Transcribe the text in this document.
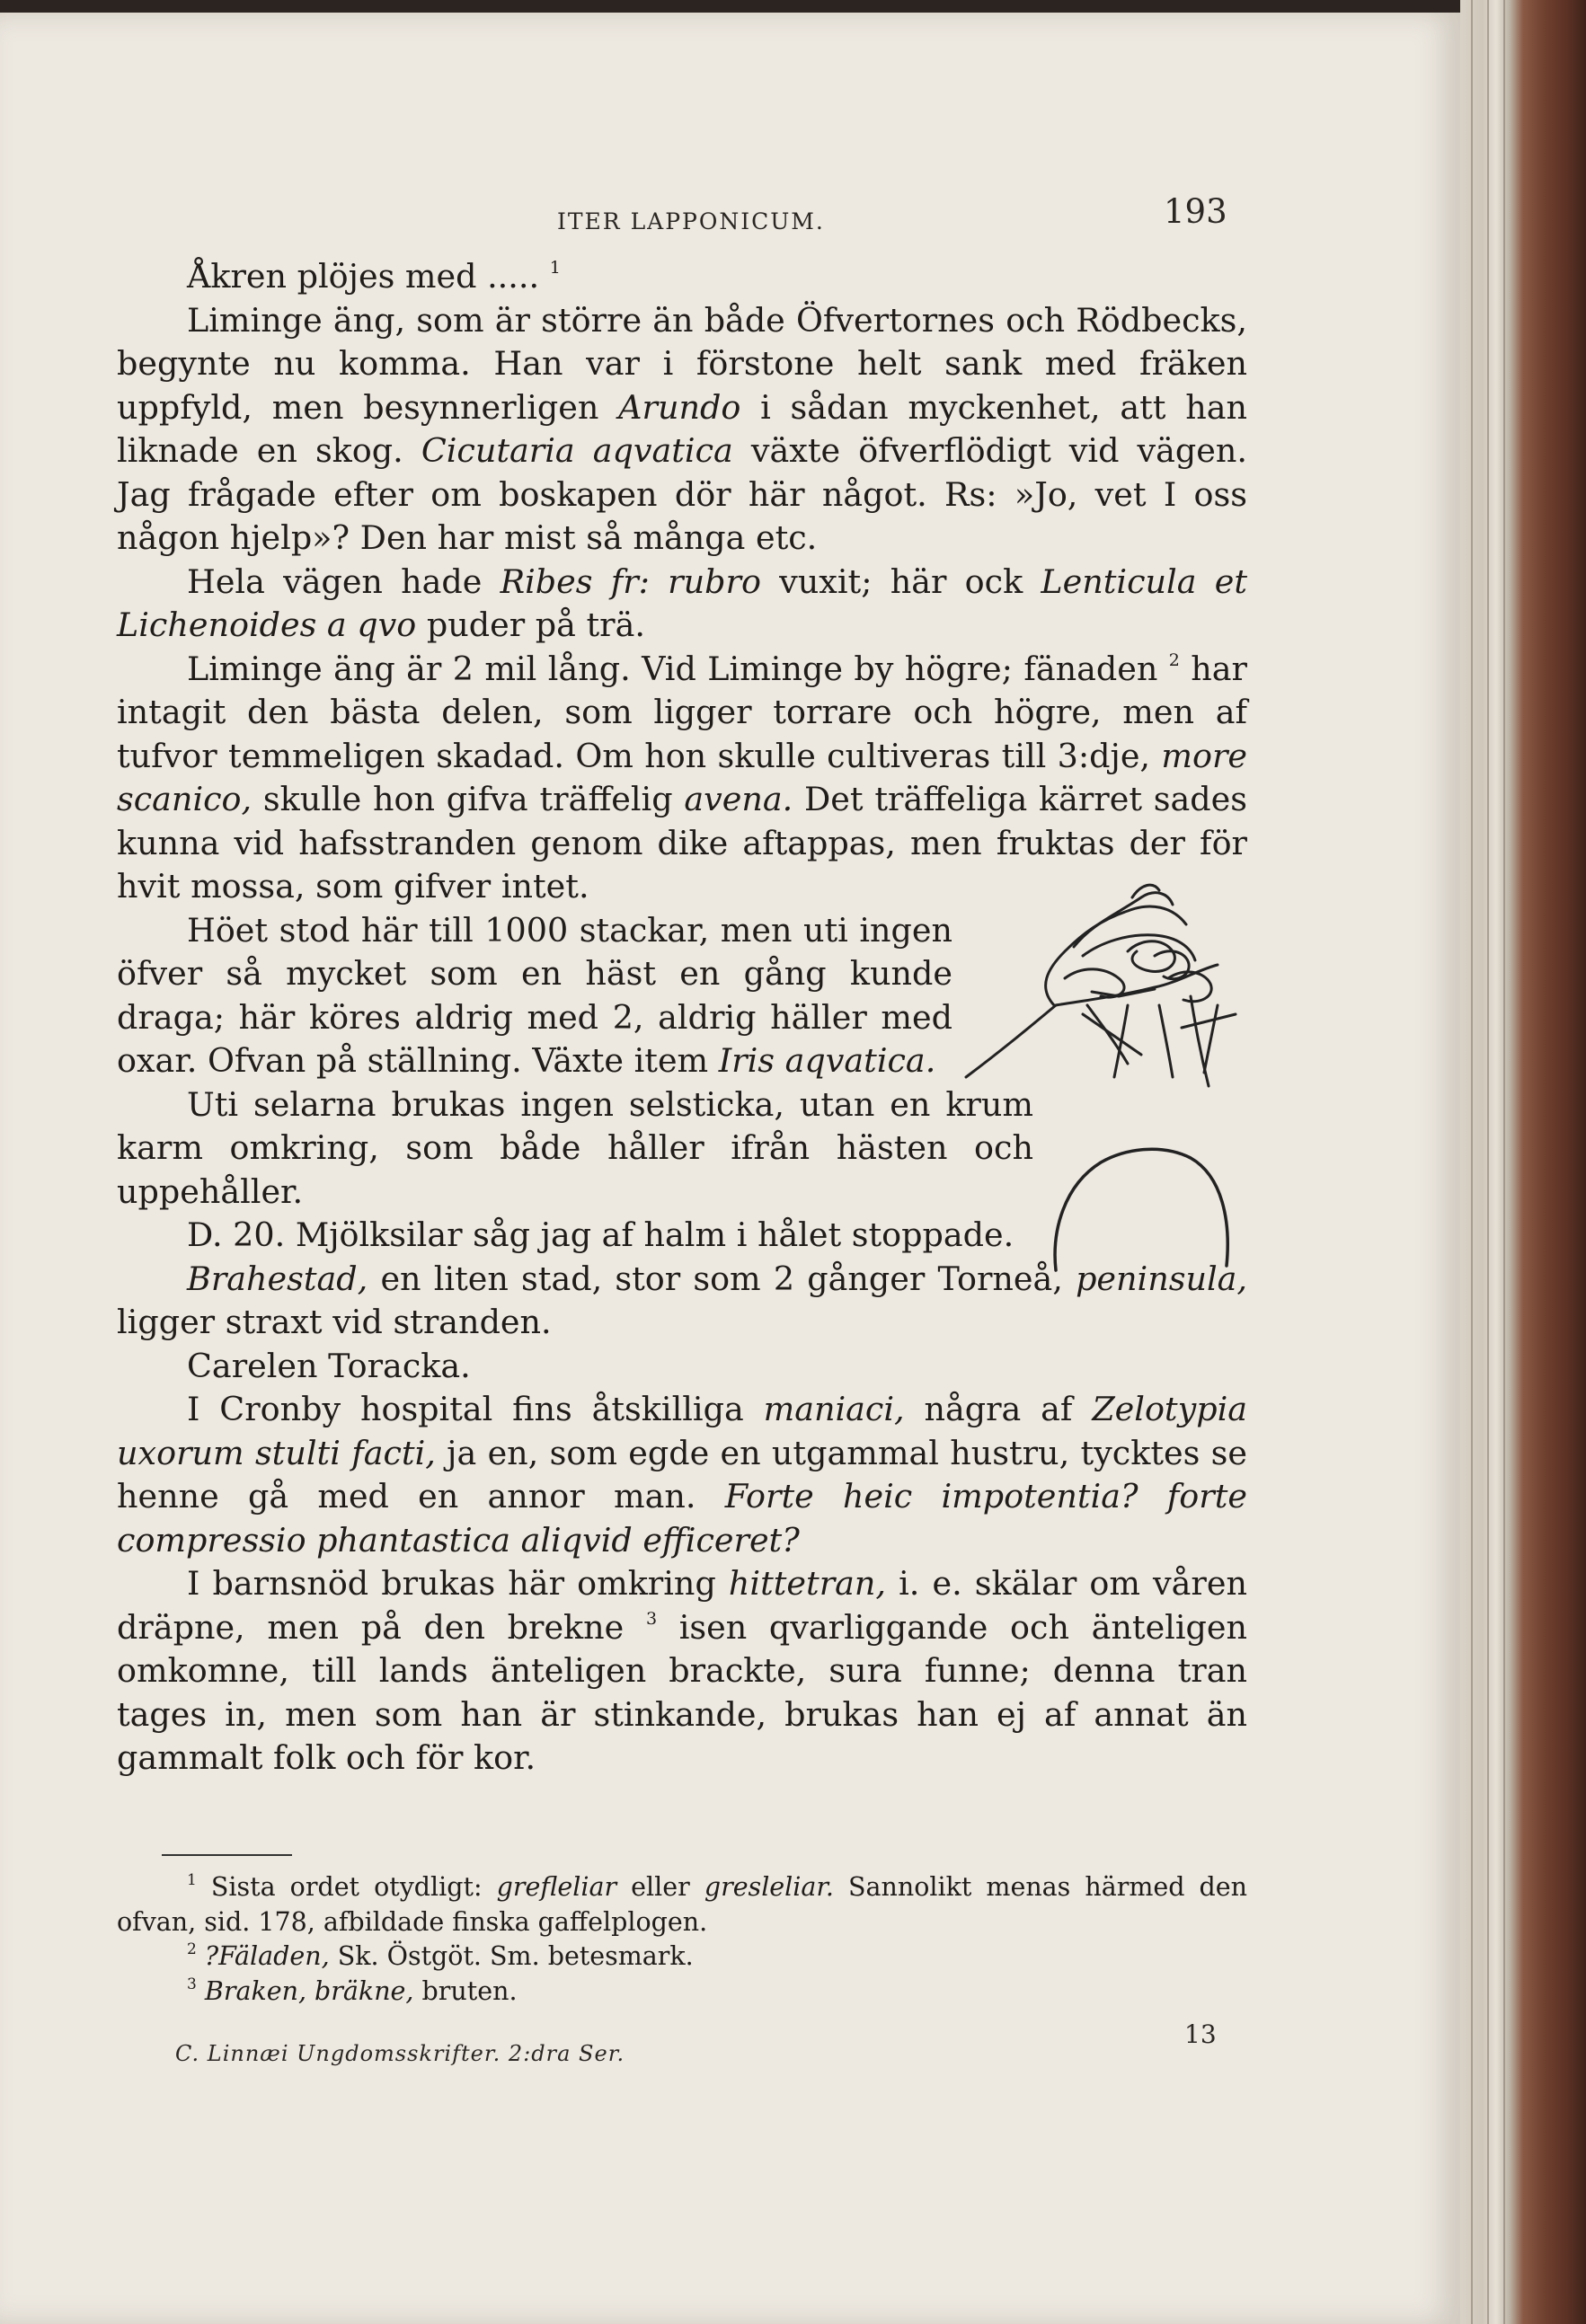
ITER LAPPONICUM.	193

Åkren plöjes med ..... $^1$

Liminge äng, som är större än både Öfvertornes och Rödbecks, begynte nu komma. Han var i förstone helt sank med fräken uppfyld, men besynnerligen Arundo i sådan myckenhet, att han liknade en skog. Cicutaria aqvatica växte öfverflödigt vid vägen. Jag frågade efter om boskapen dör här något. Rs: »Jo, vet I oss någon hjelp»? Den har mist så många etc.

Hela vägen hade Ribes fr: rubro vuxit; här ock Lenticula et Lichenoides a qvo puder på trä.

Liminge äng är 2 mil lång. Vid Liminge by högre; fänaden $^2$ har intagit den bästa delen, som ligger torrare och högre, men af tufvor temmeligen skadad. Om hon skulle cultiveras till 3:dje, more scanico, skulle hon gifva träffelig avena. Det träffeliga kärret sades kunna vid hafsstranden genom dike aftappas, men fruktas der för hvit mossa, som gifver intet.

Höet stod här till 1000 stackar, men uti ingen öfver så mycket som en häst en gång kunde draga; här köres aldrig med 2, aldrig häller med oxar. Ofvan på ställning. Växte item Iris aqvatica.

Uti selarna brukas ingen selsticka, utan en krum karm omkring, som både håller ifrån hästen och uppehåller.

D. 20. Mjölksilar såg jag af halm i hålet stoppade.

Brahestad, en liten stad, stor som 2 gånger Torneå, peninsula, ligger straxt vid stranden.

Carelen Toracka.

I Cronby hospital fins åtskilliga maniaci, några af Zelotypia uxorum stulti facti, ja en, som egde en utgammal hustru, tycktes se henne gå med en annor man. Forte heic impotentia? forte compressio phantastica aliqvid efficeret?

I barnsnöd brukas här omkring hittetran, i. e. skälar om våren dräpne, men på den brekne $^3$ isen qvarliggande och änteligen omkomne, till lands änteligen brackte, sura funne; denna tran tages in, men som han är stinkande, brukas han ej af annat än gammalt folk och för kor.

$^1$ Sista ordet otydligt: grefleliar eller gresleliar. Sannolikt menas härmed den ofvan, sid. 178, afbildade finska gaffelplogen.
$^2$ ?Fäladen, Sk. Östgöt. Sm. betesmark.
$^3$ Braken, bräkne, bruten.
C. Linnæi Ungdomsskrifter. 2:dra Ser.
13
